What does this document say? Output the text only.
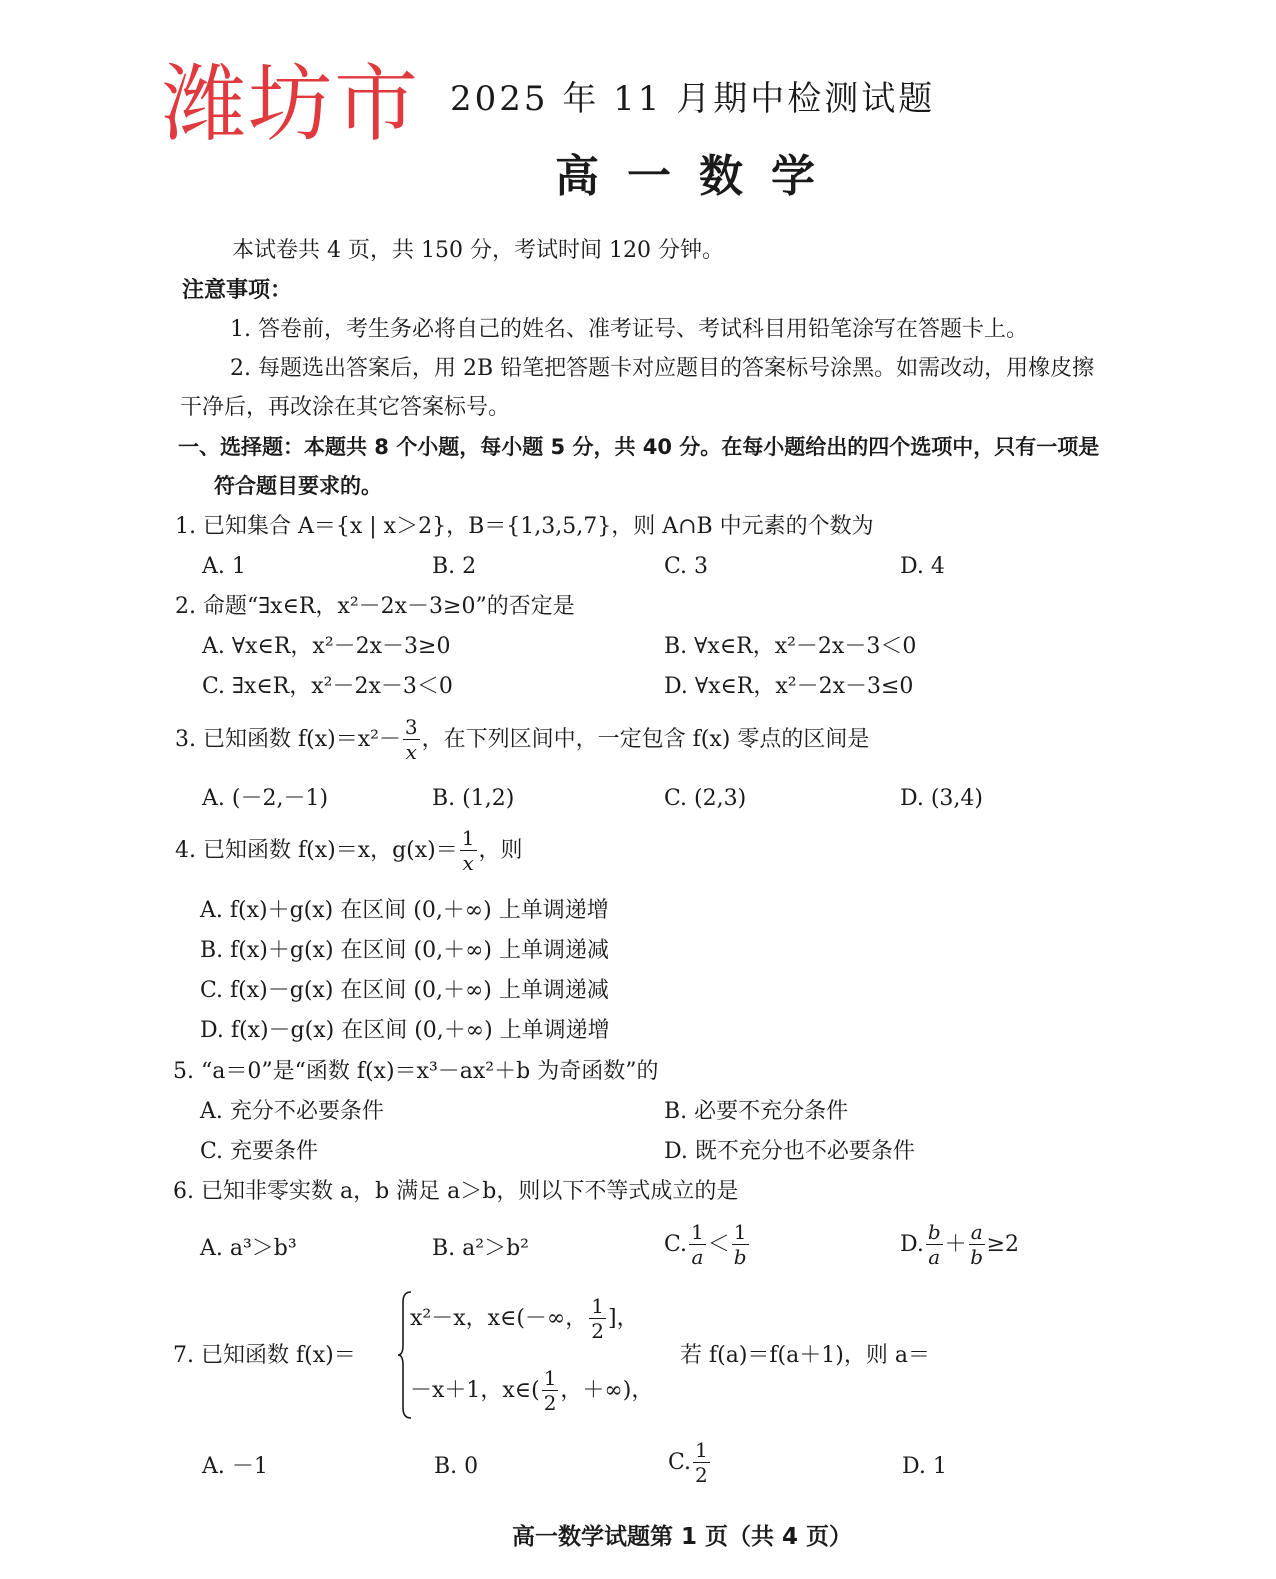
潍坊市 2025 年 11 月期中检测试题
高一数学
本试卷共 4 页，共 150 分，考试时间 120 分钟。
注意事项：
1. 答卷前，考生务必将自己的姓名、准考证号、考试科目用铅笔涂写在答题卡上。
2. 每题选出答案后，用 2B 铅笔把答题卡对应题目的答案标号涂黑。如需改动，用橡皮擦
干净后，再改涂在其它答案标号。
一、选择题：本题共 8 个小题，每小题 5 分，共 40 分。在每小题给出的四个选项中，只有一项是
符合题目要求的。
1. 已知集合 A＝{x | x＞2}，B＝{1,3,5,7}，则 A∩B 中元素的个数为
A. 1	B. 2	C. 3	D. 4
2. 命题“∃x∈R，x²－2x－3≥0”的否定是
A. ∀x∈R，x²－2x－3≥0	B. ∀x∈R，x²－2x－3＜0
C. ∃x∈R，x²－2x－3＜0	D. ∀x∈R，x²－2x－3≤0
3. 已知函数 $f(x)=x^2- \frac{3}{x}$ ，在下列区间中，一定包含 f(x) 零点的区间是
A. (－2,－1)	B. (1,2)	C. (2,3)	D. (3,4)
4. 已知函数 f(x)＝x，$g(x)= \frac{1}{x}$ ，则
A. f(x)＋g(x) 在区间 (0,＋∞) 上单调递增
B. f(x)＋g(x) 在区间 (0,＋∞) 上单调递减
C. f(x)－g(x) 在区间 (0,＋∞) 上单调递减
D. f(x)－g(x) 在区间 (0,＋∞) 上单调递增
5. “a＝0”是“函数 f(x)＝x³－ax²＋b 为奇函数”的
A. 充分不必要条件	B. 必要不充分条件
C. 充要条件	D. 既不充分也不必要条件
6. 已知非零实数 a，b 满足 a＞b，则以下不等式成立的是
A. a³＞b³	B. a²＞b²	C. $\frac{1}{a} < \frac{1}{b}$	D. $\frac{b}{a} + \frac{a}{b} \ge 2$
7. 已知函数 f(x)＝
x²－x，x∈(－∞， $\frac{1}{2}$ ]，
－x＋1，x∈( $\frac{1}{2}$ ，＋∞)，
若 f(a)＝f(a＋1)，则 a＝
A. －1	B. 0	C. $\frac{1}{2}$	D. 1
高一数学试题第 1 页（共 4 页）
